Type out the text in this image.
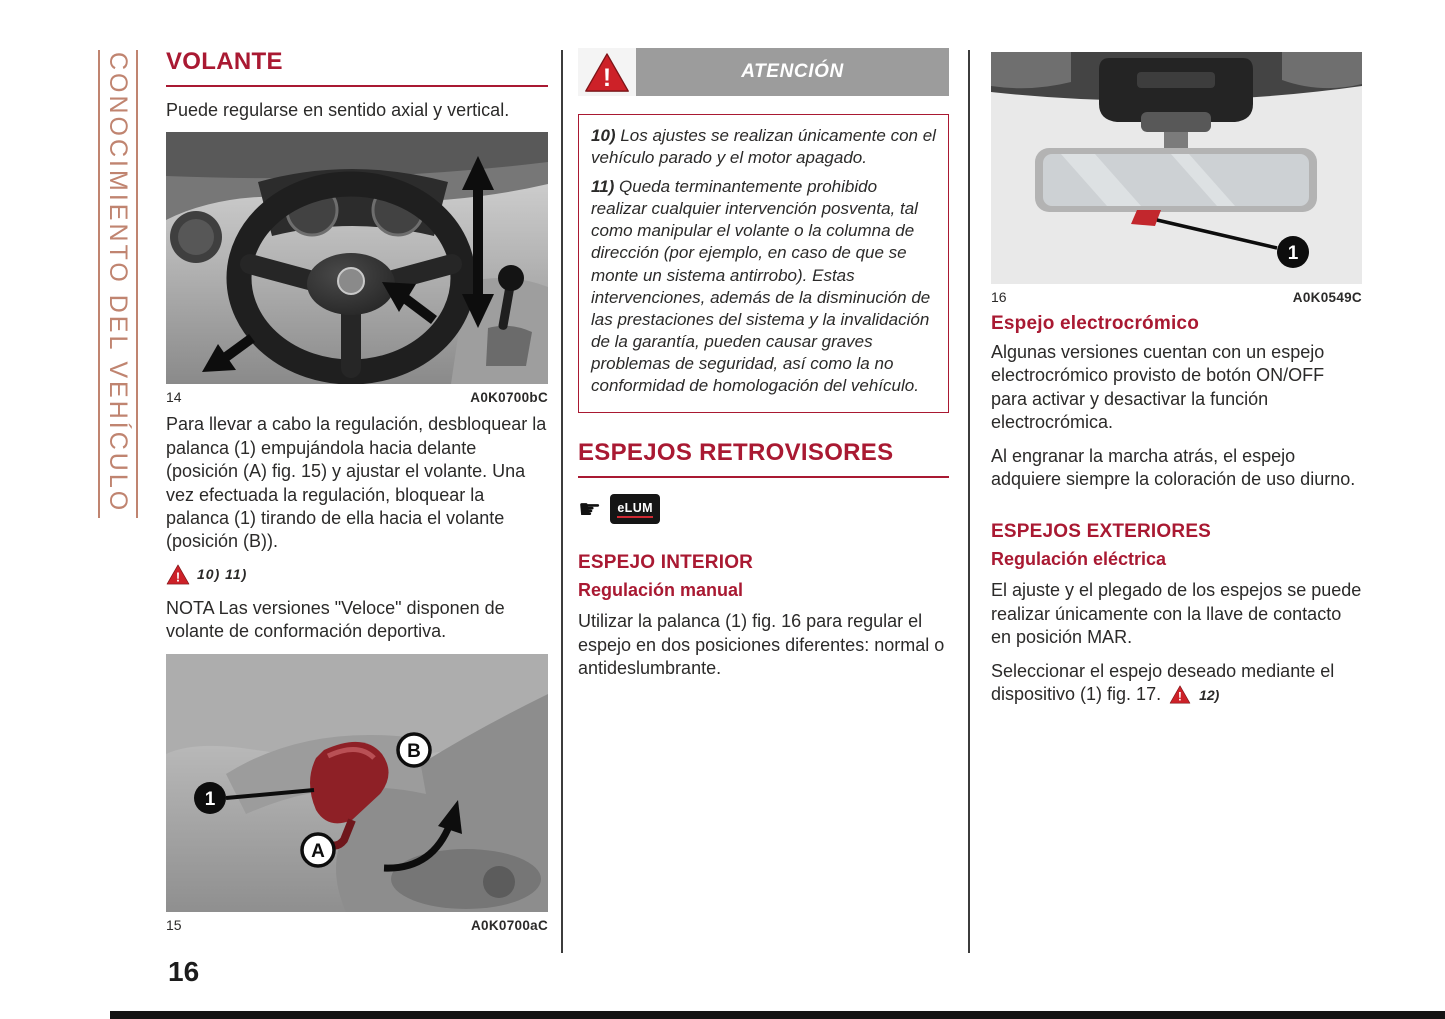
CONOCIMIENTO DEL VEHÍCULO VOLANTE

Puede regularse en sentido axial y vertical.

14	A0K0700bC

Para llevar a cabo la regulación, desbloquear la palanca (1) empujándola hacia delante (posición (A) fig. 15) y ajustar el volante. Una vez efectuada la regulación, bloquear la palanca (1) tirando de ella hacia el volante (posición (B)).

! 10) 11)

NOTA Las versiones "Veloce" disponen de volante de conformación deportiva.

1
B
A
15	A0K0700aC
!	ATENCIÓN

10) Los ajustes se realizan únicamente con el vehículo parado y el motor apagado.

11) Queda terminantemente prohibido realizar cualquier intervención posventa, tal como manipular el volante o la columna de dirección (por ejemplo, en caso de que se monte un sistema antirrobo). Estas intervenciones, además de la disminución de las prestaciones del sistema y la invalidación de la garantía, pueden causar graves problemas de seguridad, así como la no conformidad de homologación del vehículo.

ESPEJOS RETROVISORES
☛	eLUM
ESPEJO INTERIOR
Regulación manual

Utilizar la palanca (1) fig. 16 para regular el espejo en dos posiciones diferentes: normal o antideslumbrante.

1
16	A0K0549C
Espejo electrocrómico

Algunas versiones cuentan con un espejo electrocrómico provisto de botón ON/OFF para activar y desactivar la función electrocrómica.

Al engranar la marcha atrás, el espejo adquiere siempre la coloración de uso diurno.

ESPEJOS EXTERIORES
Regulación eléctrica

El ajuste y el plegado de los espejos se puede realizar únicamente con la llave de contacto en posición MAR.

Seleccionar el espejo deseado mediante el dispositivo (1) fig. 17. ! 12)

16
